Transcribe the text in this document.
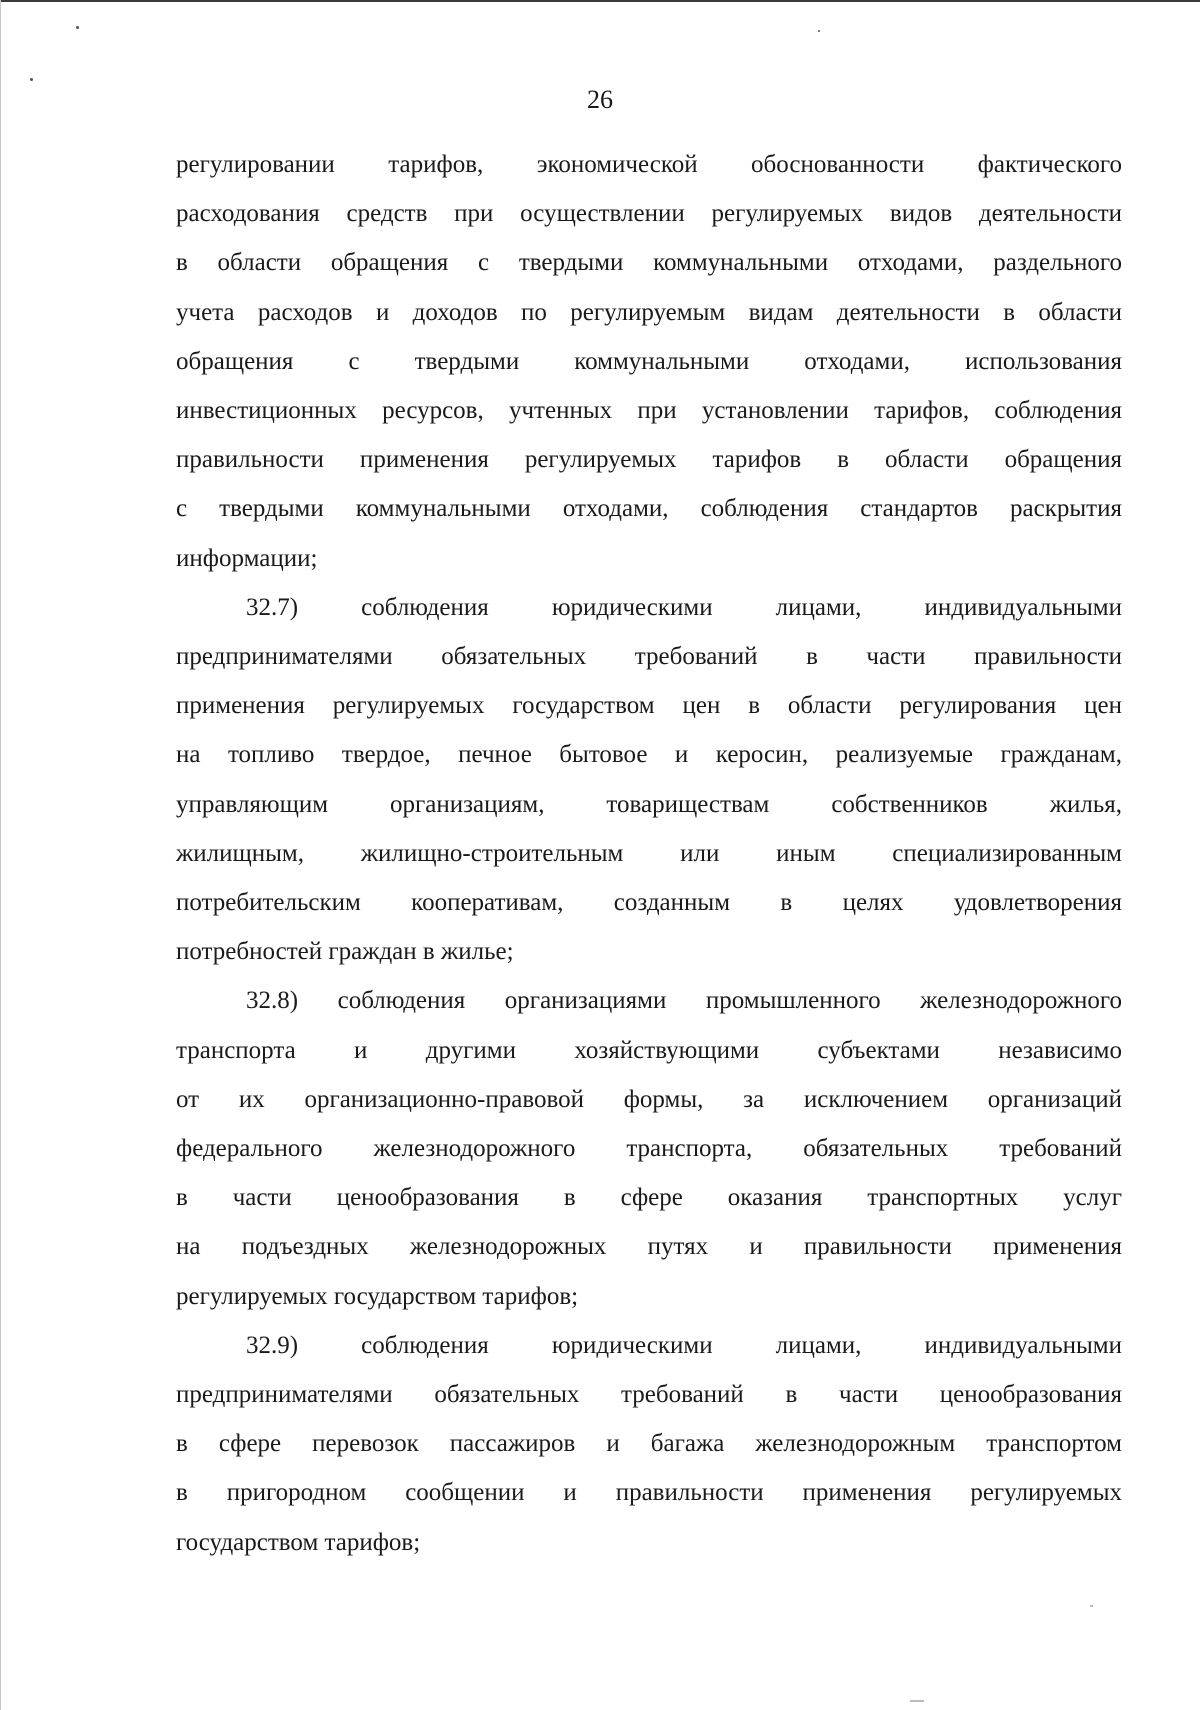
26

регулировании тарифов, экономической обоснованности фактического

расходования средств при осуществлении регулируемых видов деятельности

в области обращения с твердыми коммунальными отходами, раздельного

учета расходов и доходов по регулируемым видам деятельности в области

обращения с твердыми коммунальными отходами, использования

инвестиционных ресурсов, учтенных при установлении тарифов, соблюдения

правильности применения регулируемых тарифов в области обращения

с твердыми коммунальными отходами, соблюдения стандартов раскрытия

информации;

32.7) соблюдения юридическими лицами, индивидуальными

предпринимателями обязательных требований в части правильности

применения регулируемых государством цен в области регулирования цен

на топливо твердое, печное бытовое и керосин, реализуемые гражданам,

управляющим организациям, товариществам собственников жилья,

жилищным, жилищно-строительным или иным специализированным

потребительским кооперативам, созданным в целях удовлетворения

потребностей граждан в жилье;

32.8) соблюдения организациями промышленного железнодорожного

транспорта и другими хозяйствующими субъектами независимо

от их организационно-правовой формы, за исключением организаций

федерального железнодорожного транспорта, обязательных требований

в части ценообразования в сфере оказания транспортных услуг

на подъездных железнодорожных путях и правильности применения

регулируемых государством тарифов;

32.9) соблюдения юридическими лицами, индивидуальными

предпринимателями обязательных требований в части ценообразования

в сфере перевозок пассажиров и багажа железнодорожным транспортом

в пригородном сообщении и правильности применения регулируемых

государством тарифов;
